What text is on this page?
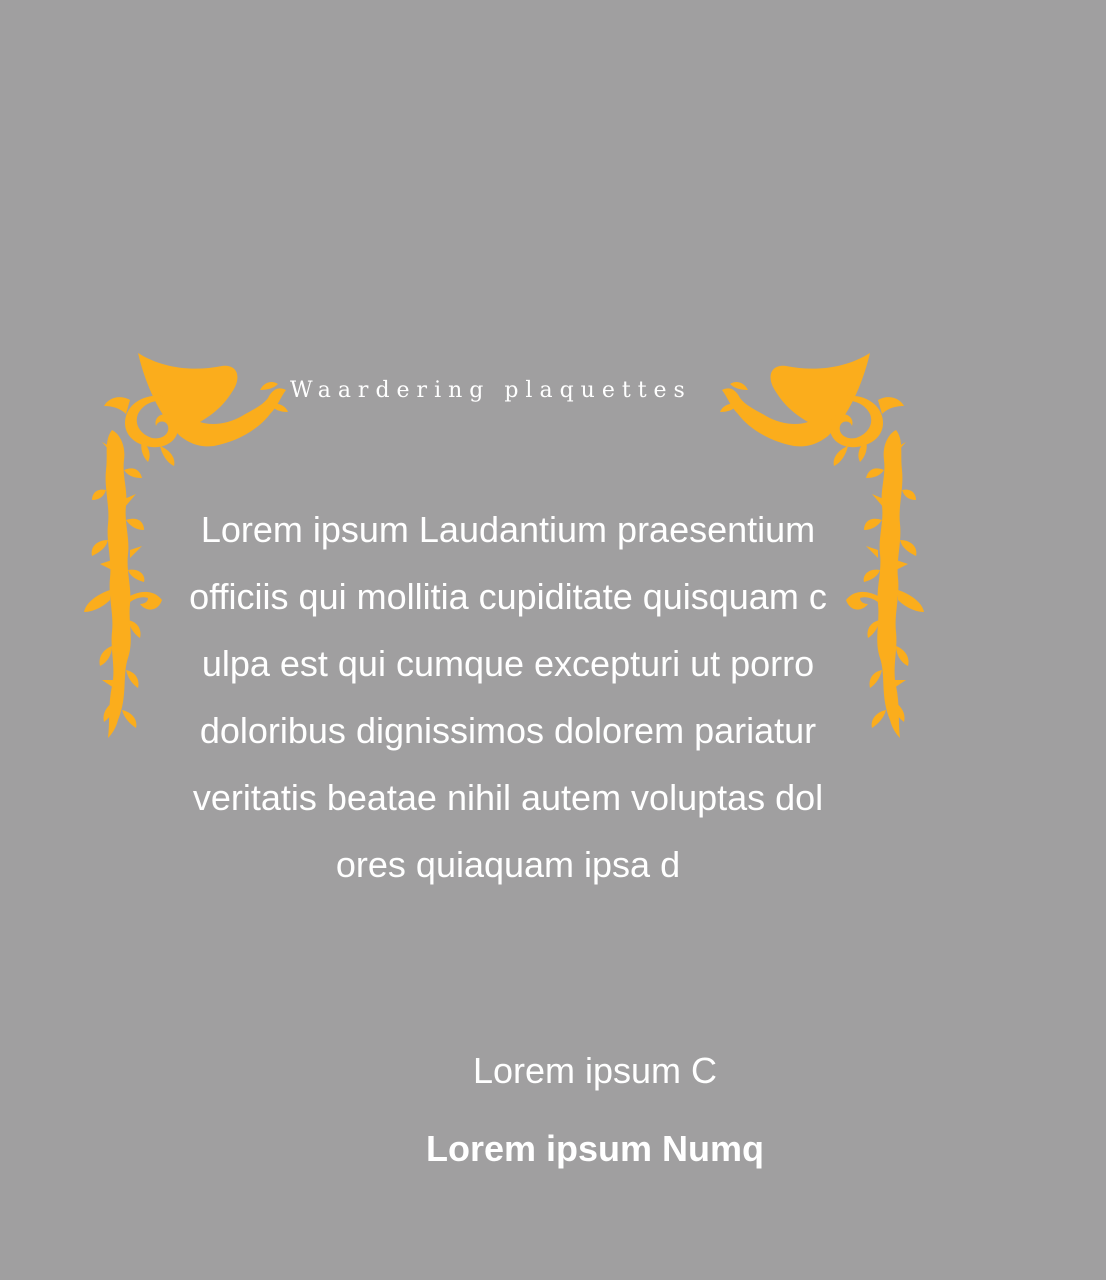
Waardering plaquettes
Lorem ipsum Laudantium praesentium officiis qui mollitia cupiditate quisquam culpa est qui cumque excepturi ut porro doloribus dignissimos dolorem pariatur veritatis beatae nihil autem voluptas dolores quiaquam ipsa d
Lorem ipsum C
Lorem ipsum Numq
